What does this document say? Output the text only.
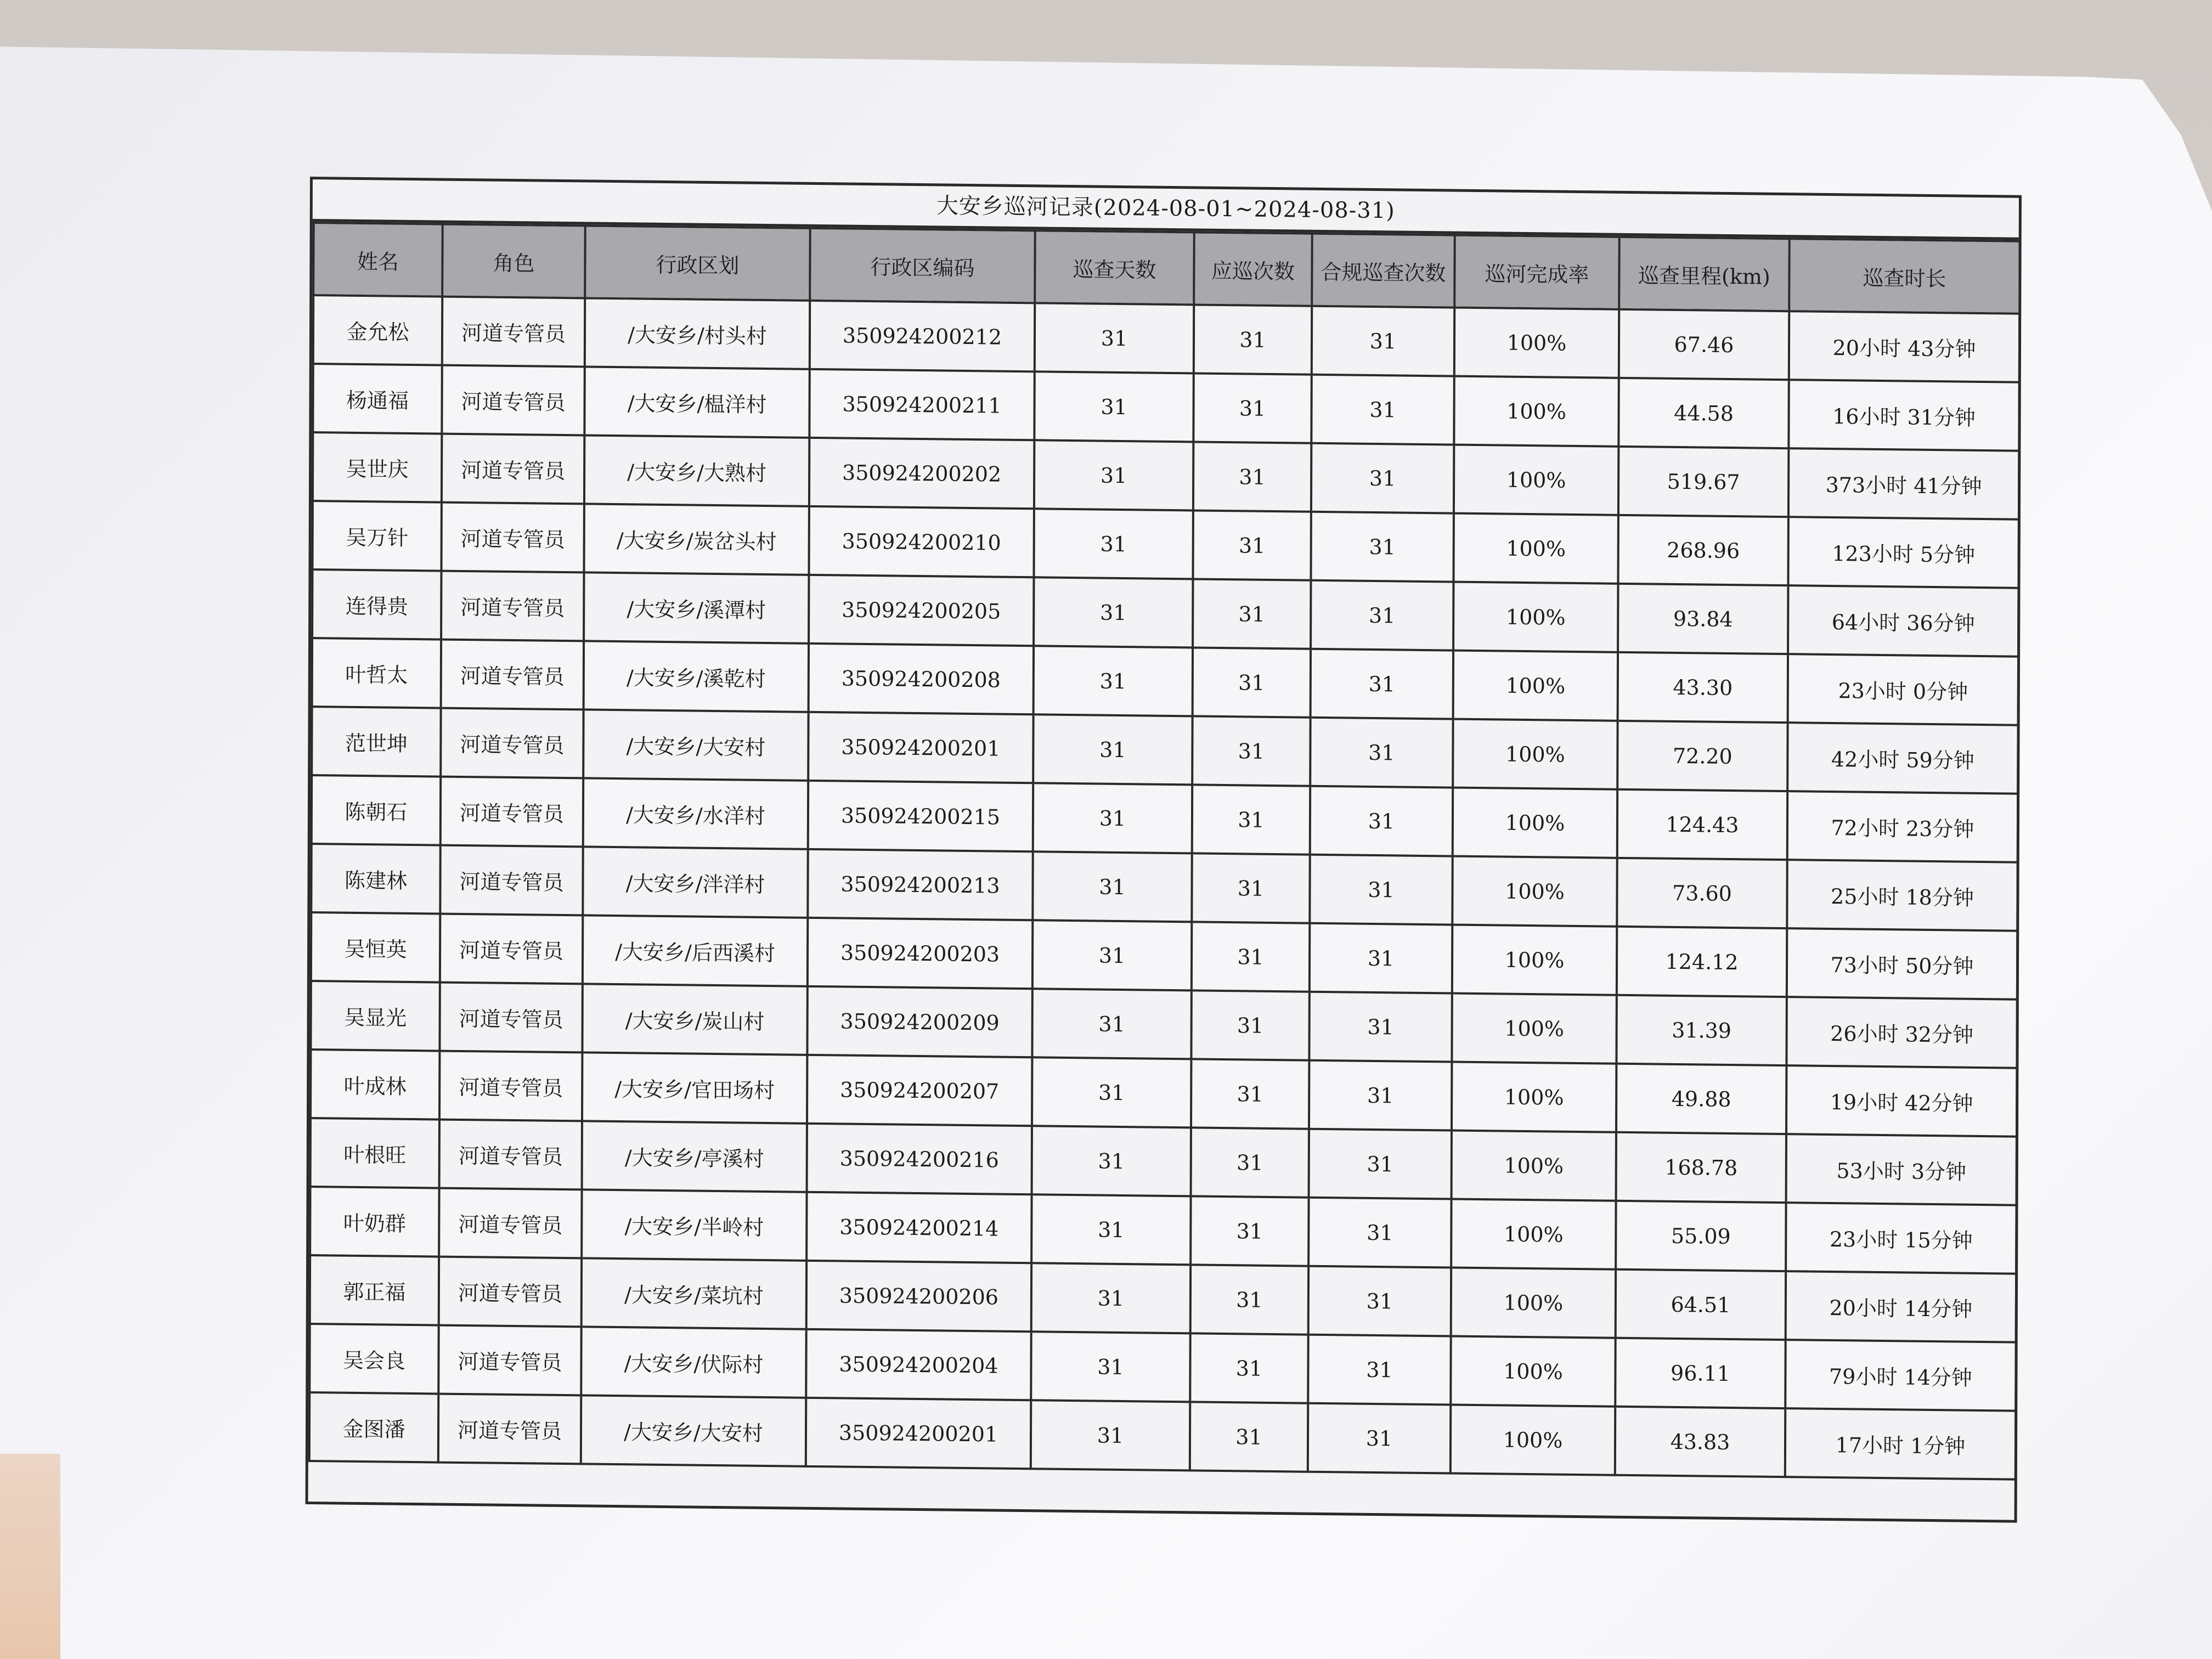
大安乡巡河记录(2024-08-01~2024-08-31)
姓名	角色	行政区划	行政区编码	巡查天数	应巡次数	合规巡查次数	巡河完成率	巡查里程(km)	巡查时长
金允松	河道专管员	/大安乡/村头村	350924200212	31	31	31	100%	67.46	20小时 43分钟
杨通福	河道专管员	/大安乡/榅洋村	350924200211	31	31	31	100%	44.58	16小时 31分钟
吴世庆	河道专管员	/大安乡/大熟村	350924200202	31	31	31	100%	519.67	373小时 41分钟
吴万针	河道专管员	/大安乡/炭岔头村	350924200210	31	31	31	100%	268.96	123小时 5分钟
连得贵	河道专管员	/大安乡/溪潭村	350924200205	31	31	31	100%	93.84	64小时 36分钟
叶哲太	河道专管员	/大安乡/溪乾村	350924200208	31	31	31	100%	43.30	23小时 0分钟
范世坤	河道专管员	/大安乡/大安村	350924200201	31	31	31	100%	72.20	42小时 59分钟
陈朝石	河道专管员	/大安乡/水洋村	350924200215	31	31	31	100%	124.43	72小时 23分钟
陈建林	河道专管员	/大安乡/泮洋村	350924200213	31	31	31	100%	73.60	25小时 18分钟
吴恒英	河道专管员	/大安乡/后西溪村	350924200203	31	31	31	100%	124.12	73小时 50分钟
吴显光	河道专管员	/大安乡/炭山村	350924200209	31	31	31	100%	31.39	26小时 32分钟
叶成林	河道专管员	/大安乡/官田场村	350924200207	31	31	31	100%	49.88	19小时 42分钟
叶根旺	河道专管员	/大安乡/亭溪村	350924200216	31	31	31	100%	168.78	53小时 3分钟
叶奶群	河道专管员	/大安乡/半岭村	350924200214	31	31	31	100%	55.09	23小时 15分钟
郭正福	河道专管员	/大安乡/菜坑村	350924200206	31	31	31	100%	64.51	20小时 14分钟
吴会良	河道专管员	/大安乡/伏际村	350924200204	31	31	31	100%	96.11	79小时 14分钟
金图潘	河道专管员	/大安乡/大安村	350924200201	31	31	31	100%	43.83	17小时 1分钟
